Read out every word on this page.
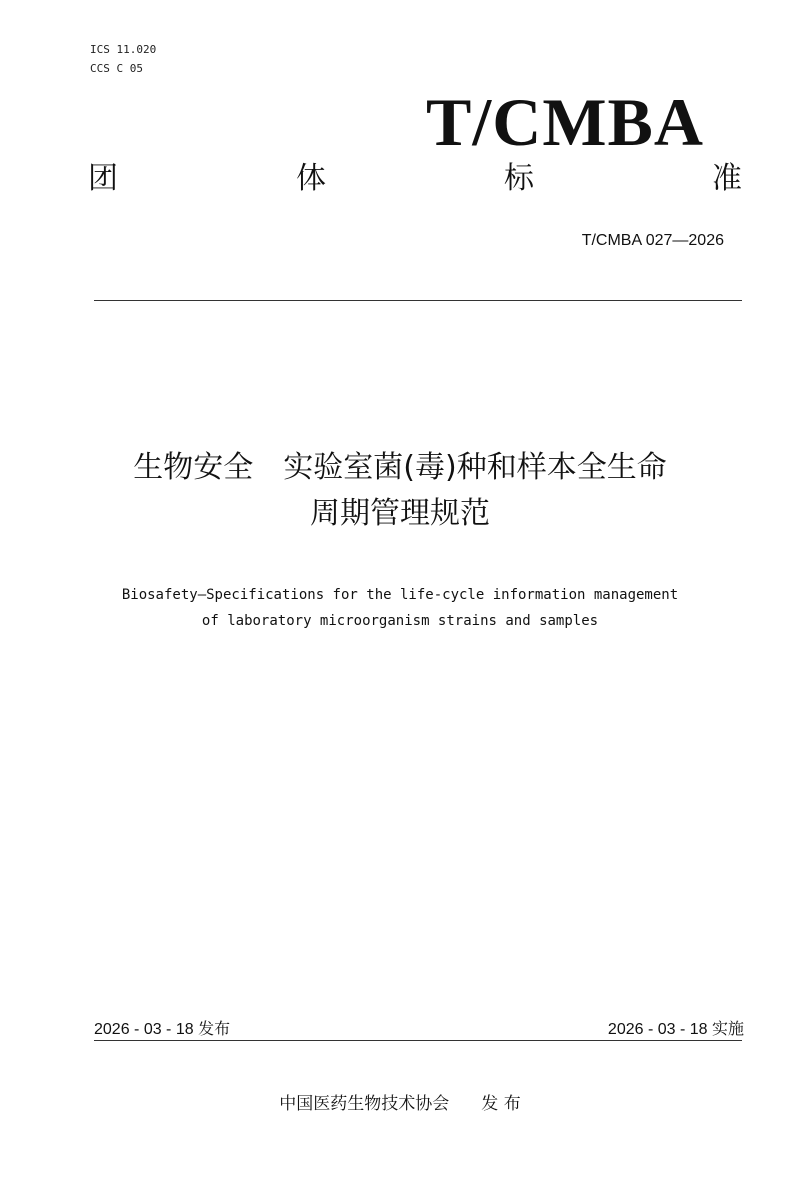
ICS 11.020
CCS C 05
T/CMBA
团	体	标	准
T/CMBA 027—2026
生物安全　实验室菌(毒)种和样本全生命
周期管理规范
Biosafety—Specifications for the life-cycle information management
of laboratory microorganism strains and samples
2026 - 03 - 18 发布	2026 - 03 - 18 实施
中国医药生物技术协会 发 布
